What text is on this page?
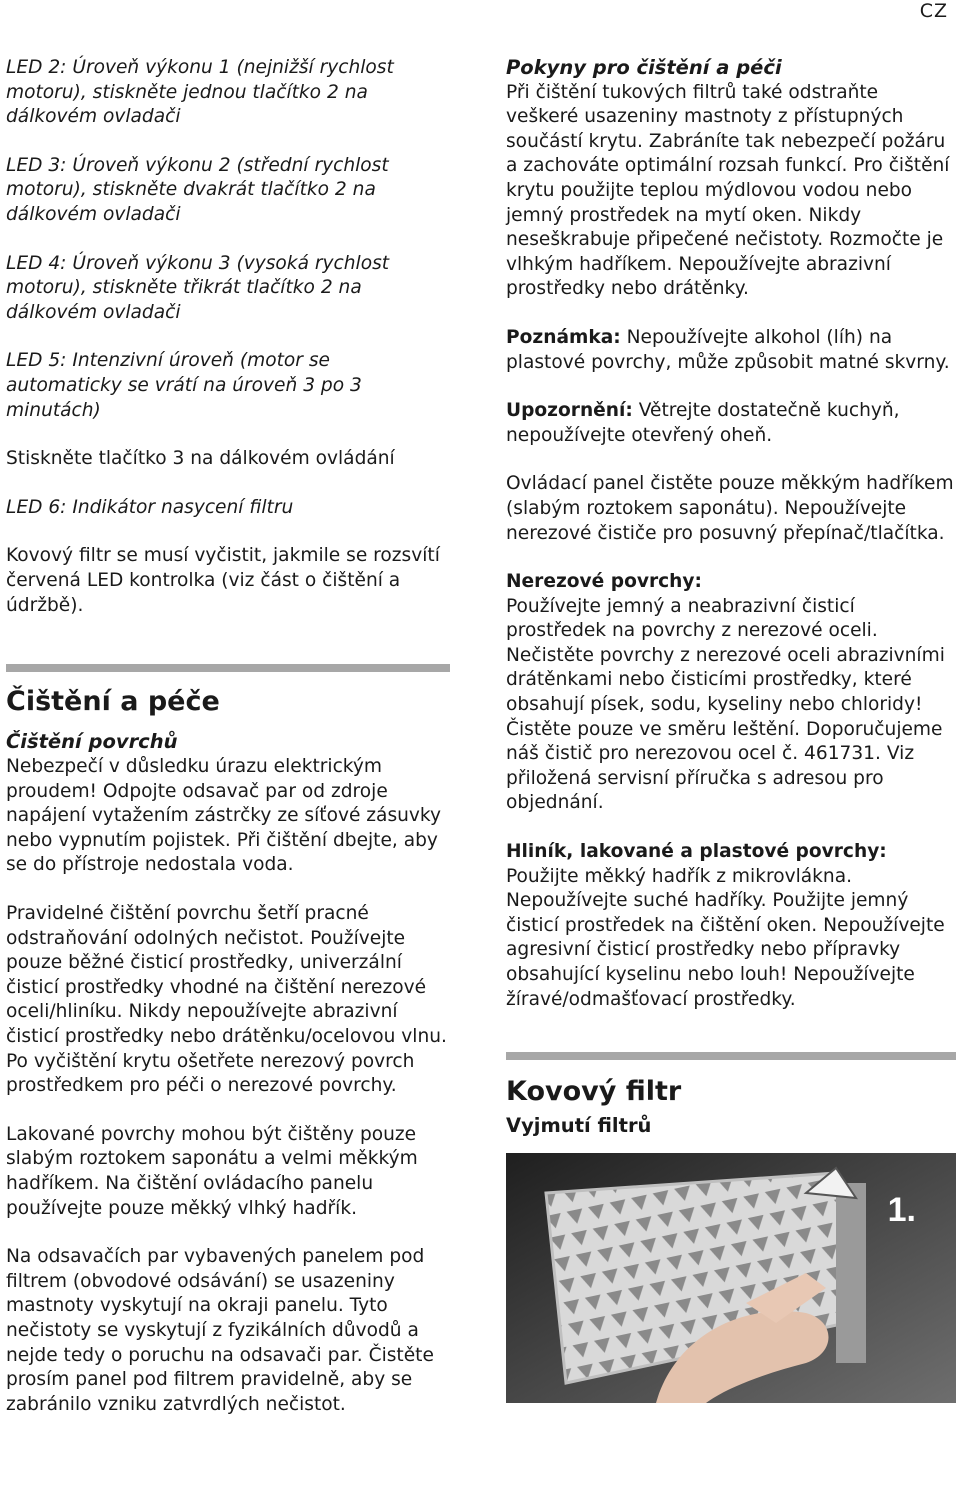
CZ

LED 2: Úroveň výkonu 1 (nejnižší rychlost motoru), stiskněte jednou tlačítko 2 na dálkovém ovladači

LED 3: Úroveň výkonu 2 (střední rychlost motoru), stiskněte dvakrát tlačítko 2 na dálkovém ovladači

LED 4: Úroveň výkonu 3 (vysoká rychlost motoru), stiskněte třikrát tlačítko 2 na dálkovém ovladači

LED 5: Intenzivní úroveň (motor se automaticky se vrátí na úroveň 3 po 3 minutách)

Stiskněte tlačítko 3 na dálkovém ovládání

LED 6: Indikátor nasycení filtru

Kovový filtr se musí vyčistit, jakmile se rozsvítí červená LED kontrolka (viz část o čištění a údržbě).

Čištění a péče
Čištění povrchů

Nebezpečí v důsledku úrazu elektrickým proudem! Odpojte odsavač par od zdroje napájení vytažením zástrčky ze síťové zásuvky nebo vypnutím pojistek. Při čištění dbejte, aby se do přístroje nedostala voda.

Pravidelné čištění povrchu šetří pracné odstraňování odolných nečistot. Používejte pouze běžné čisticí prostředky, univerzální čisticí prostředky vhodné na čištění nerezové oceli/hliníku. Nikdy nepoužívejte abrazivní čisticí prostředky nebo drátěnku/ocelovou vlnu. Po vyčištění krytu ošetřete nerezový povrch prostředkem pro péči o nerezové povrchy.

Lakované povrchy mohou být čištěny pouze slabým roztokem saponátu a velmi měkkým hadříkem. Na čištění ovládacího panelu používejte pouze měkký vlhký hadřík.

Na odsavačích par vybavených panelem pod filtrem (obvodové odsávání) se usazeniny mastnoty vyskytují na okraji panelu. Tyto nečistoty se vyskytují z fyzikálních důvodů a nejde tedy o poruchu na odsavači par. Čistěte prosím panel pod filtrem pravidelně, aby se zabránilo vzniku zatvrdlých nečistot.

Pokyny pro čištění a péči

Při čištění tukových filtrů také odstraňte veškeré usazeniny mastnoty z přístupných součástí krytu. Zabráníte tak nebezpečí požáru a zachováte optimální rozsah funkcí. Pro čištění krytu použijte teplou mýdlovou vodou nebo jemný prostředek na mytí oken. Nikdy neseškrabuje připečené nečistoty. Rozmočte je vlhkým hadříkem. Nepoužívejte abrazivní prostředky nebo drátěnky.

Poznámka: Nepoužívejte alkohol (líh) na plastové povrchy, může způsobit matné skvrny.

Upozornění: Větrejte dostatečně kuchyň, nepoužívejte otevřený oheň.

Ovládací panel čistěte pouze měkkým hadříkem (slabým roztokem saponátu). Nepoužívejte nerezové čističe pro posuvný přepínač/tlačítka.

Nerezové povrchy:

Používejte jemný a neabrazivní čisticí prostředek na povrchy z nerezové oceli. Nečistěte povrchy z nerezové oceli abrazivními drátěnkami nebo čisticími prostředky, které obsahují písek, sodu, kyseliny nebo chloridy! Čistěte pouze ve směru leštění. Doporučujeme náš čistič pro nerezovou ocel č. 461731. Viz přiložená servisní příručka s adresou pro objednání.

Hliník, lakované a plastové povrchy:

Použijte měkký hadřík z mikrovlákna. Nepoužívejte suché hadříky. Použijte jemný čisticí prostředek na čištění oken. Nepoužívejte agresivní čisticí prostředky nebo přípravky obsahující kyselinu nebo louh! Nepoužívejte žíravé/odmašťovací prostředky.

Kovový filtr
Vyjmutí filtrů
1.
